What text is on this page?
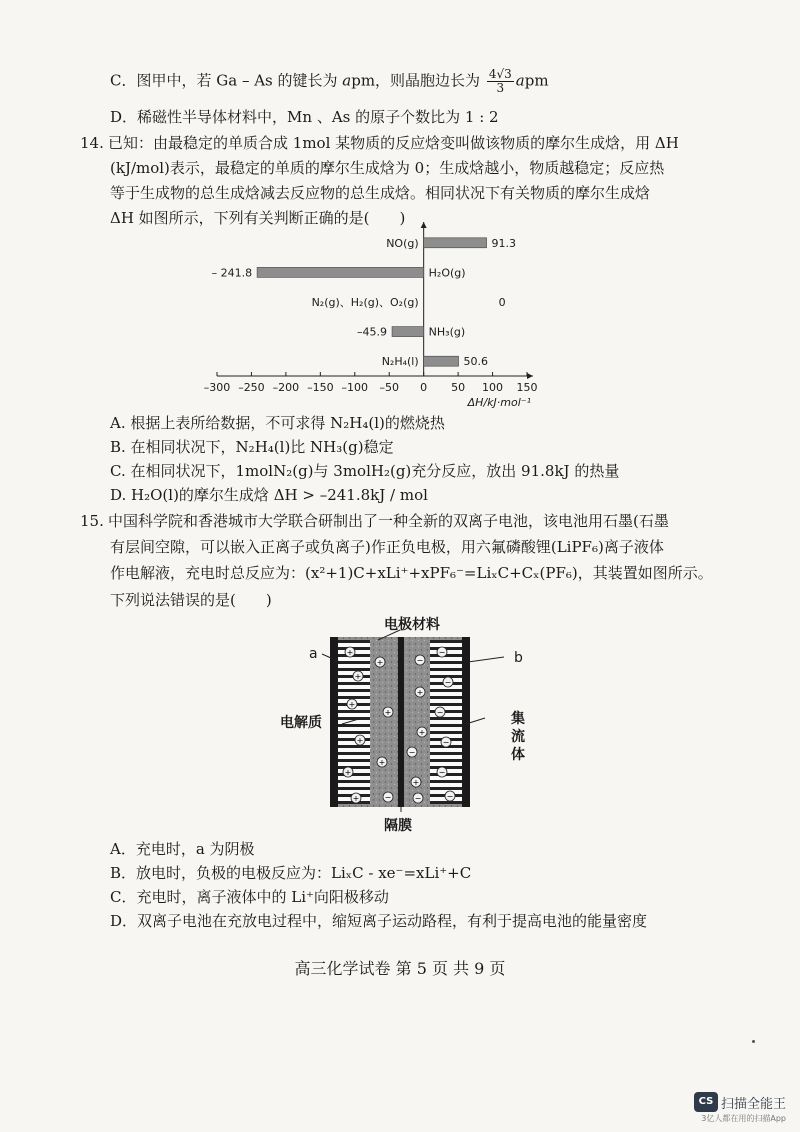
C．图甲中，若 Ga – As 的键长为 apm，则晶胞边长为 $\frac{4√3}{3}$ apm
D．稀磁性半导体材料中，Mn 、As 的原子个数比为 1 : 2
14. 已知：由最稳定的单质合成 1mol 某物质的反应焓变叫做该物质的摩尔生成焓，用 ΔH
(kJ/mol)表示，最稳定的单质的摩尔生成焓为 0；生成焓越小，物质越稳定；反应热
等于生成物的总生成焓减去反应物的总生成焓。相同状况下有关物质的摩尔生成焓
ΔH 如图所示，下列有关判断正确的是(　　)
–300 –250 –200 –150 –100 –50 0 50 100 150
ΔH/kJ·mol⁻¹
NO(g)	91.3
H₂O(g)
– 241.8
N₂(g)、H₂(g)、O₂(g)	0
NH₃(g)
–45.9
N₂H₄(l)	50.6
A. 根据上表所给数据，不可求得 N₂H₄(l)的燃烧热
B. 在相同状况下，N₂H₄(l)比 NH₃(g)稳定
C. 在相同状况下，1molN₂(g)与 3molH₂(g)充分反应，放出 91.8kJ 的热量
D. H₂O(l)的摩尔生成焓 ΔH > –241.8kJ / mol
15. 中国科学院和香港城市大学联合研制出了一种全新的双离子电池，该电池用石墨(石墨
有层间空隙，可以嵌入正离子或负离子)作正负电极，用六氟磷酸锂(LiPF₆)离子液体
作电解液，充电时总反应为：(x²+1)C+xLi⁺+xPF₆⁻=LiₓC+Cₓ(PF₆)，其装置如图所示。
下列说法错误的是(　　)
+
+
+
+
+
+
+
+
+
+
+
+
−
−
−
−
−
−
−
−
−
−
电极材料
a	b
电解质	集流体
隔膜
A．充电时，a 为阴极
B．放电时，负极的电极反应为：LiₓC - xe⁻=xLi⁺+C
C．充电时，离子液体中的 Li⁺向阳极移动
D．双离子电池在充放电过程中，缩短离子运动路程，有利于提高电池的能量密度
高三化学试卷 第 5 页 共 9 页
CS 扫描全能王
3亿人都在用的扫描App
